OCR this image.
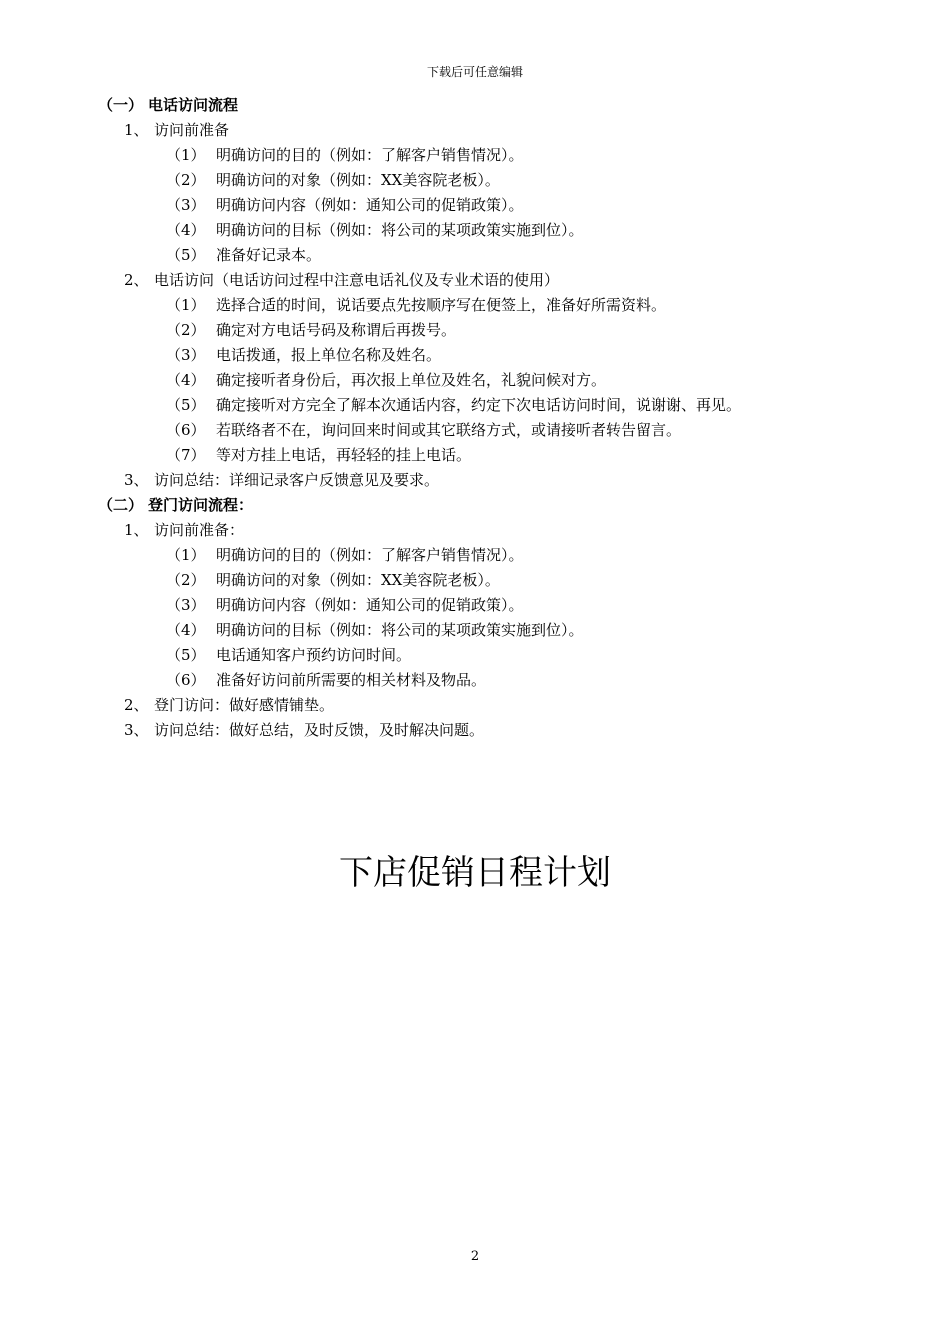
下载后可任意编辑
（一） 电话访问流程
1、 访问前准备
（1） 明确访问的目的（例如：了解客户销售情况）。
（2） 明确访问的对象（例如：XX美容院老板）。
（3） 明确访问内容（例如：通知公司的促销政策）。
（4） 明确访问的目标（例如：将公司的某项政策实施到位）。
（5） 准备好记录本。
2、 电话访问（电话访问过程中注意电话礼仪及专业术语的使用）
（1） 选择合适的时间，说话要点先按顺序写在便签上，准备好所需资料。
（2） 确定对方电话号码及称谓后再拨号。
（3） 电话拨通，报上单位名称及姓名。
（4） 确定接听者身份后，再次报上单位及姓名，礼貌问候对方。
（5） 确定接听对方完全了解本次通话内容，约定下次电话访问时间，说谢谢、再见。
（6） 若联络者不在，询问回来时间或其它联络方式，或请接听者转告留言。
（7） 等对方挂上电话，再轻轻的挂上电话。
3、 访问总结：详细记录客户反馈意见及要求。
（二） 登门访问流程：
1、 访问前准备：
（1） 明确访问的目的（例如：了解客户销售情况）。
（2） 明确访问的对象（例如：XX美容院老板）。
（3） 明确访问内容（例如：通知公司的促销政策）。
（4） 明确访问的目标（例如：将公司的某项政策实施到位）。
（5） 电话通知客户预约访问时间。
（6） 准备好访问前所需要的相关材料及物品。
2、 登门访问：做好感情铺垫。
3、 访问总结：做好总结，及时反馈，及时解决问题。
下店促销日程计划
2
